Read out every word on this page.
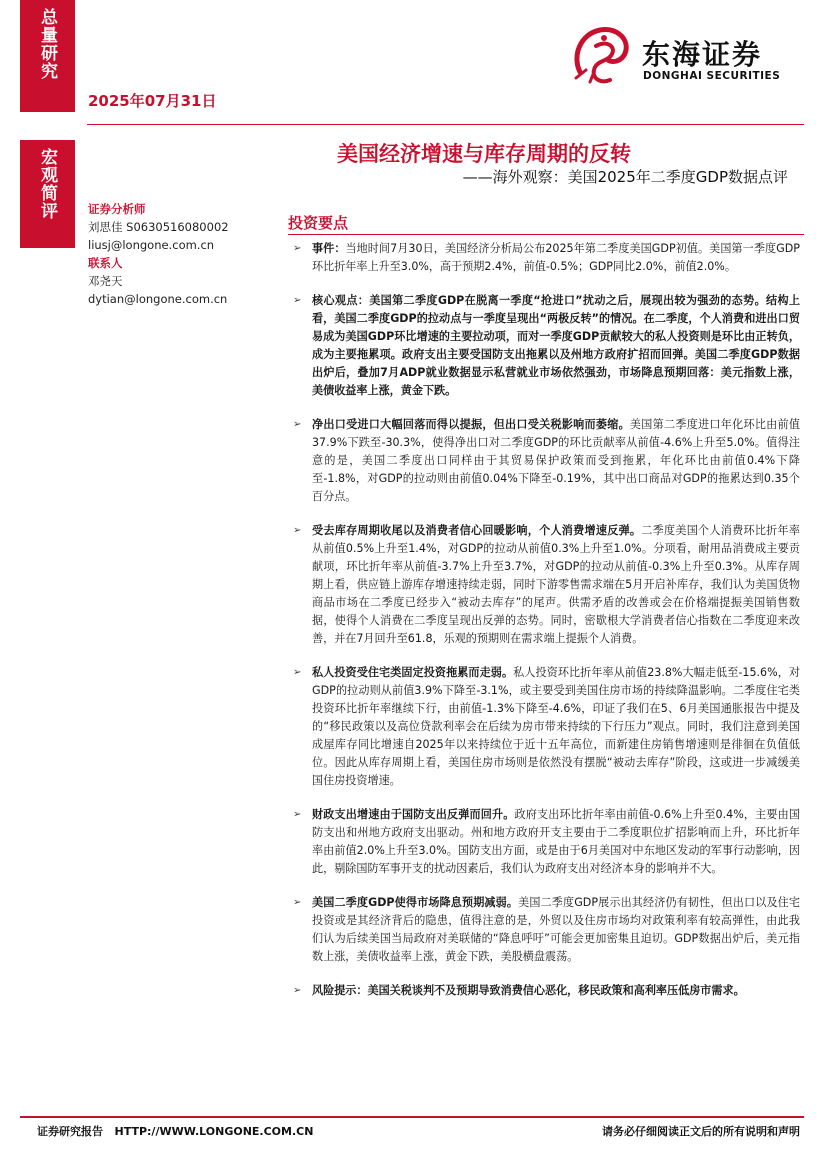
总量研究
2025年07月31日
东海证券
DONGHAI SECURITIES
宏观简评	美国经济增速与库存周期的反转
——海外观察：美国2025年二季度GDP数据点评
证券分析师
刘思佳 S0630516080002
liusj@longone.com.cn
联系人
邓尧天
dytian@longone.com.cn
投资要点
➢ 事件：当地时间7月30日，美国经济分析局公布2025年第二季度美国GDP初值。美国第一季度GDP环比折年率上升至3.0%，高于预期2.4%，前值-0.5%；GDP同比2.0%，前值2.0%。
➢ 核心观点：美国第二季度GDP在脱离一季度“抢进口”扰动之后，展现出较为强劲的态势。结构上看，美国二季度GDP的拉动点与一季度呈现出“两极反转”的情况。在二季度，个人消费和进出口贸易成为美国GDP环比增速的主要拉动项，而对一季度GDP贡献较大的私人投资则是环比由正转负，成为主要拖累项。政府支出主要受国防支出拖累以及州地方政府扩招而回弹。美国二季度GDP数据出炉后，叠加7月ADP就业数据显示私营就业市场依然强劲，市场降息预期回落：美元指数上涨，美债收益率上涨，黄金下跌。
➢ 净出口受进口大幅回落而得以提振，但出口受关税影响而萎缩。美国第二季度进口年化环比由前值37.9%下跌至-30.3%，使得净出口对二季度GDP的环比贡献率从前值-4.6%上升至5.0%。值得注意的是，美国二季度出口同样由于其贸易保护政策而受到拖累，年化环比由前值0.4%下降至-1.8%，对GDP的拉动则由前值0.04%下降至-0.19%，其中出口商品对GDP的拖累达到0.35个百分点。
➢ 受去库存周期收尾以及消费者信心回暖影响，个人消费增速反弹。二季度美国个人消费环比折年率从前值0.5%上升至1.4%，对GDP的拉动从前值0.3%上升至1.0%。分项看，耐用品消费成主要贡献项，环比折年率从前值-3.7%上升至3.7%，对GDP的拉动从前值-0.3%上升至0.3%。从库存周期上看，供应链上游库存增速持续走弱，同时下游零售需求端在5月开启补库存，我们认为美国货物商品市场在二季度已经步入“被动去库存”的尾声。供需矛盾的改善或会在价格端提振美国销售数据，使得个人消费在二季度呈现出反弹的态势。同时，密歇根大学消费者信心指数在二季度迎来改善，并在7月回升至61.8，乐观的预期则在需求端上提振个人消费。
➢ 私人投资受住宅类固定投资拖累而走弱。私人投资环比折年率从前值23.8%大幅走低至-15.6%，对GDP的拉动则从前值3.9%下降至-3.1%，或主要受到美国住房市场的持续降温影响。二季度住宅类投资环比折年率继续下行，由前值-1.3%下降至-4.6%，印证了我们在5、6月美国通胀报告中提及的“移民政策以及高位贷款利率会在后续为房市带来持续的下行压力”观点。同时，我们注意到美国成屋库存同比增速自2025年以来持续位于近十五年高位，而新建住房销售增速则是徘徊在负值低位。因此从库存周期上看，美国住房市场则是依然没有摆脱“被动去库存”阶段，这或进一步减缓美国住房投资增速。
➢ 财政支出增速由于国防支出反弹而回升。政府支出环比折年率由前值-0.6%上升至0.4%，主要由国防支出和州地方政府支出驱动。州和地方政府开支主要由于二季度职位扩招影响而上升，环比折年率由前值2.0%上升至3.0%。国防支出方面，或是由于6月美国对中东地区发动的军事行动影响，因此，剔除国防军事开支的扰动因素后，我们认为政府支出对经济本身的影响并不大。
➢ 美国二季度GDP使得市场降息预期减弱。美国二季度GDP展示出其经济仍有韧性，但出口以及住宅投资或是其经济背后的隐患，值得注意的是，外贸以及住房市场均对政策利率有较高弹性，由此我们认为后续美国当局政府对美联储的“降息呼吁”可能会更加密集且迫切。GDP数据出炉后，美元指数上涨，美债收益率上涨，黄金下跌，美股横盘震荡。
➢ 风险提示：美国关税谈判不及预期导致消费信心恶化，移民政策和高利率压低房市需求。
证券研究报告 HTTP://WWW.LONGONE.COM.CN	请务必仔细阅读正文后的所有说明和声明
